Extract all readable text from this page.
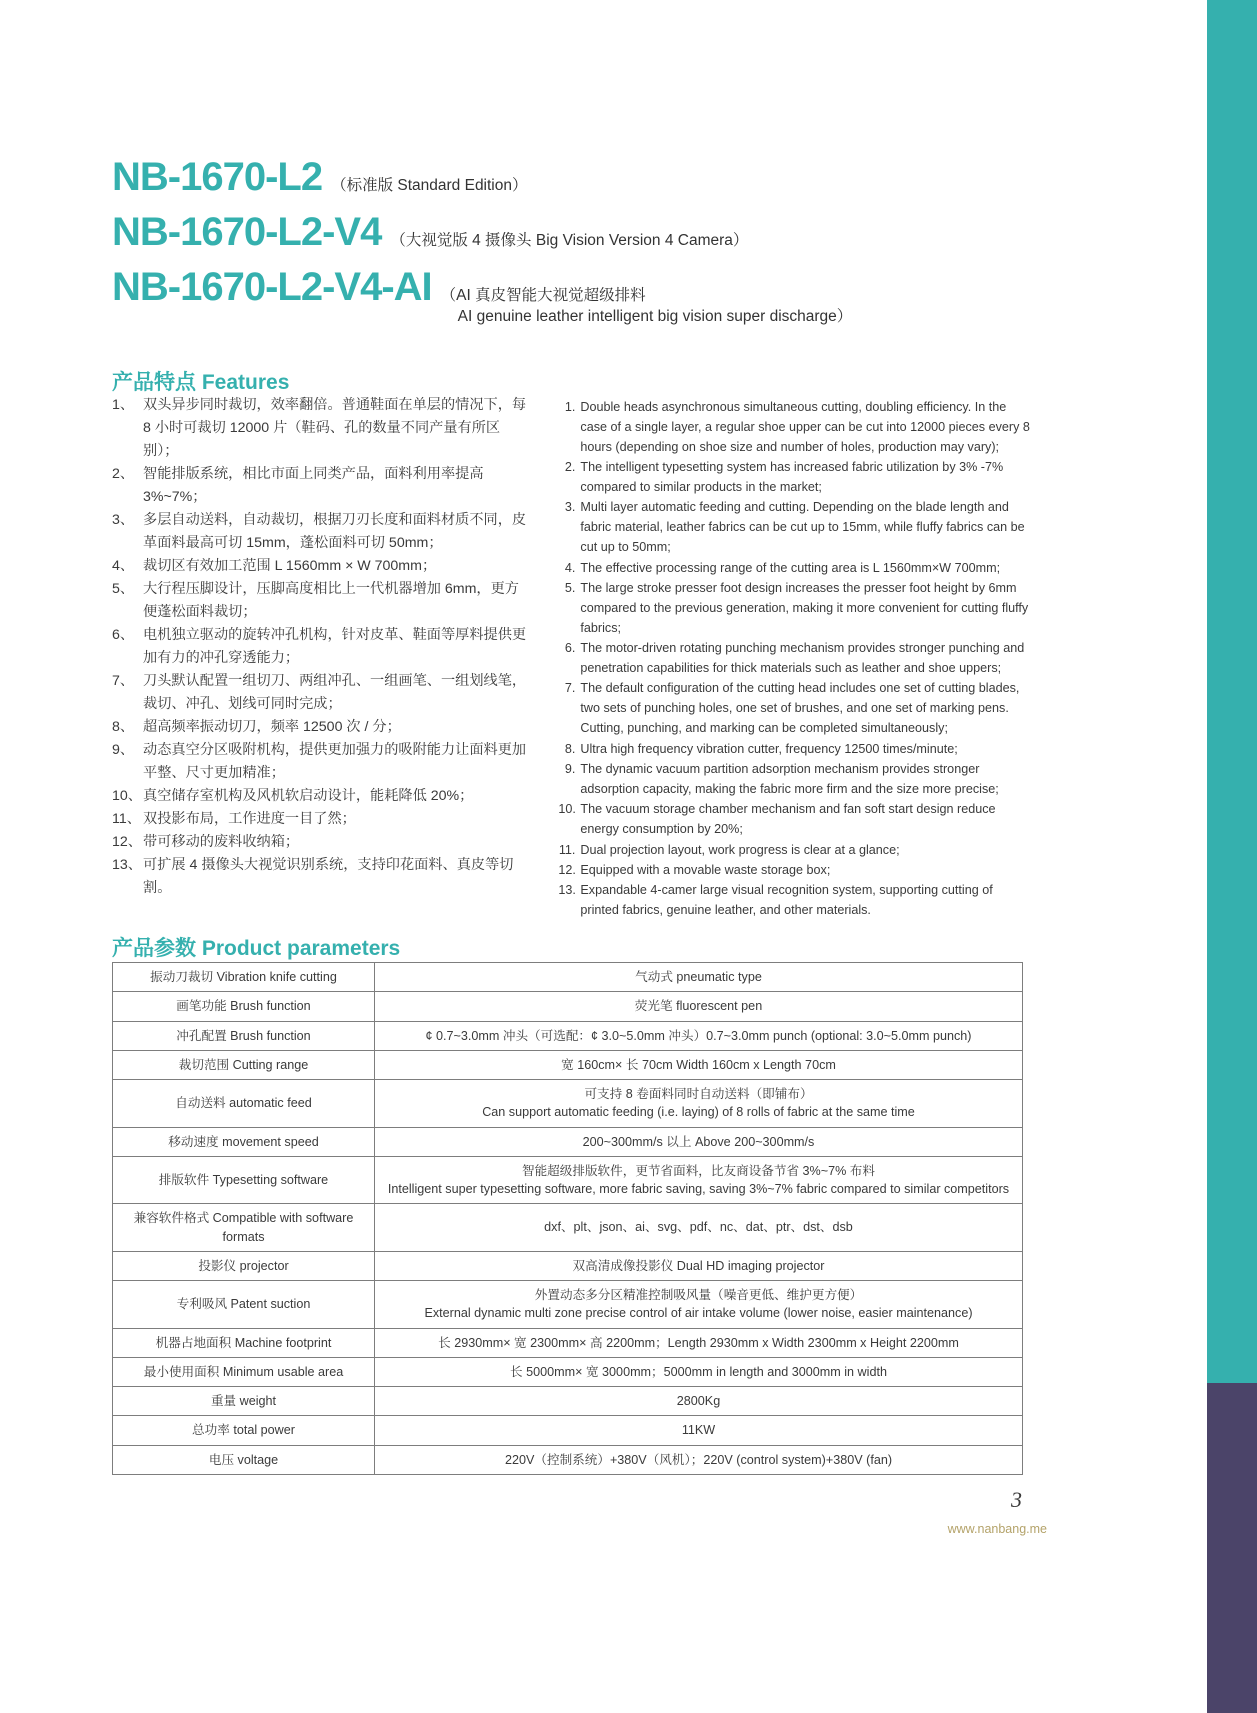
NB-1670-L2 （标准版 Standard Edition）
NB-1670-L2-V4 （大视觉版 4 摄像头 Big Vision Version 4 Camera）
NB-1670-L2-V4-AI （AI 真皮智能大视觉超级排料
AI genuine leather intelligent big vision super discharge）
产品特点 Features
1、 双头异步同时裁切，效率翻倍。普通鞋面在单层的情况下，每 8 小时可裁切 12000 片（鞋码、孔的数量不同产量有所区别）；
2、 智能排版系统，相比市面上同类产品，面料利用率提高 3%~7%；
3、 多层自动送料，自动裁切，根据刀刃长度和面料材质不同，皮革面料最高可切 15mm，蓬松面料可切 50mm；
4、 裁切区有效加工范围 L 1560mm × W 700mm；
5、 大行程压脚设计，压脚高度相比上一代机器增加 6mm，更方便蓬松面料裁切；
6、 电机独立驱动的旋转冲孔机构，针对皮革、鞋面等厚料提供更加有力的冲孔穿透能力；
7、 刀头默认配置一组切刀、两组冲孔、一组画笔、一组划线笔，裁切、冲孔、划线可同时完成；
8、 超高频率振动切刀，频率 12500 次 / 分；
9、 动态真空分区吸附机构，提供更加强力的吸附能力让面料更加平整、尺寸更加精准；
10、 真空储存室机构及风机软启动设计，能耗降低 20%；
11、 双投影布局，工作进度一目了然；
12、 带可移动的废料收纳箱；
13、 可扩展 4 摄像头大视觉识别系统，支持印花面料、真皮等切割。
1. Double heads asynchronous simultaneous cutting, doubling efficiency. In the case of a single layer, a regular shoe upper can be cut into 12000 pieces every 8 hours (depending on shoe size and number of holes, production may vary);
2. The intelligent typesetting system has increased fabric utilization by 3% -7% compared to similar products in the market;
3. Multi layer automatic feeding and cutting. Depending on the blade length and fabric material, leather fabrics can be cut up to 15mm, while fluffy fabrics can be cut up to 50mm;
4. The effective processing range of the cutting area is L 1560mm×W 700mm;
5. The large stroke presser foot design increases the presser foot height by 6mm compared to the previous generation, making it more convenient for cutting fluffy fabrics;
6. The motor-driven rotating punching mechanism provides stronger punching and penetration capabilities for thick materials such as leather and shoe uppers;
7. The default configuration of the cutting head includes one set of cutting blades, two sets of punching holes, one set of brushes, and one set of marking pens. Cutting, punching, and marking can be completed simultaneously;
8. Ultra high frequency vibration cutter, frequency 12500 times/minute;
9. The dynamic vacuum partition adsorption mechanism provides stronger adsorption capacity, making the fabric more firm and the size more precise;
10. The vacuum storage chamber mechanism and fan soft start design reduce energy consumption by 20%;
11. Dual projection layout, work progress is clear at a glance;
12. Equipped with a movable waste storage box;
13. Expandable 4-camer large visual recognition system, supporting cutting of printed fabrics, genuine leather, and other materials.
产品参数 Product parameters
振动刀裁切 Vibration knife cutting	气动式 pneumatic type
画笔功能 Brush function	荧光笔 fluorescent pen
冲孔配置 Brush function	¢ 0.7~3.0mm 冲头（可选配：¢ 3.0~5.0mm 冲头）0.7~3.0mm punch (optional: 3.0~5.0mm punch)
裁切范围 Cutting range	宽 160cm× 长 70cm Width 160cm x Length 70cm
自动送料 automatic feed	可支持 8 卷面料同时自动送料（即铺布）
Can support automatic feeding (i.e. laying) of 8 rolls of fabric at the same time

移动速度 movement speed	200~300mm/s 以上 Above 200~300mm/s
排版软件 Typesetting software	智能超级排版软件，更节省面料，比友商设备节省 3%~7% 布料
Intelligent super typesetting software, more fabric saving, saving 3%~7% fabric compared to similar competitors

兼容软件格式 Compatible with software formats	dxf、plt、json、ai、svg、pdf、nc、dat、ptr、dst、dsb
投影仪 projector	双高清成像投影仪 Dual HD imaging projector
专利吸风 Patent suction	外置动态多分区精准控制吸风量（噪音更低、维护更方便）
External dynamic multi zone precise control of air intake volume (lower noise, easier maintenance)

机器占地面积 Machine footprint	长 2930mm× 宽 2300mm× 高 2200mm；Length 2930mm x Width 2300mm x Height 2200mm
最小使用面积 Minimum usable area	长 5000mm× 宽 3000mm；5000mm in length and 3000mm in width
重量 weight	2800Kg
总功率 total power	11KW
电压 voltage	220V（控制系统）+380V（风机）；220V (control system)+380V (fan)
3
www.nanbang.me
